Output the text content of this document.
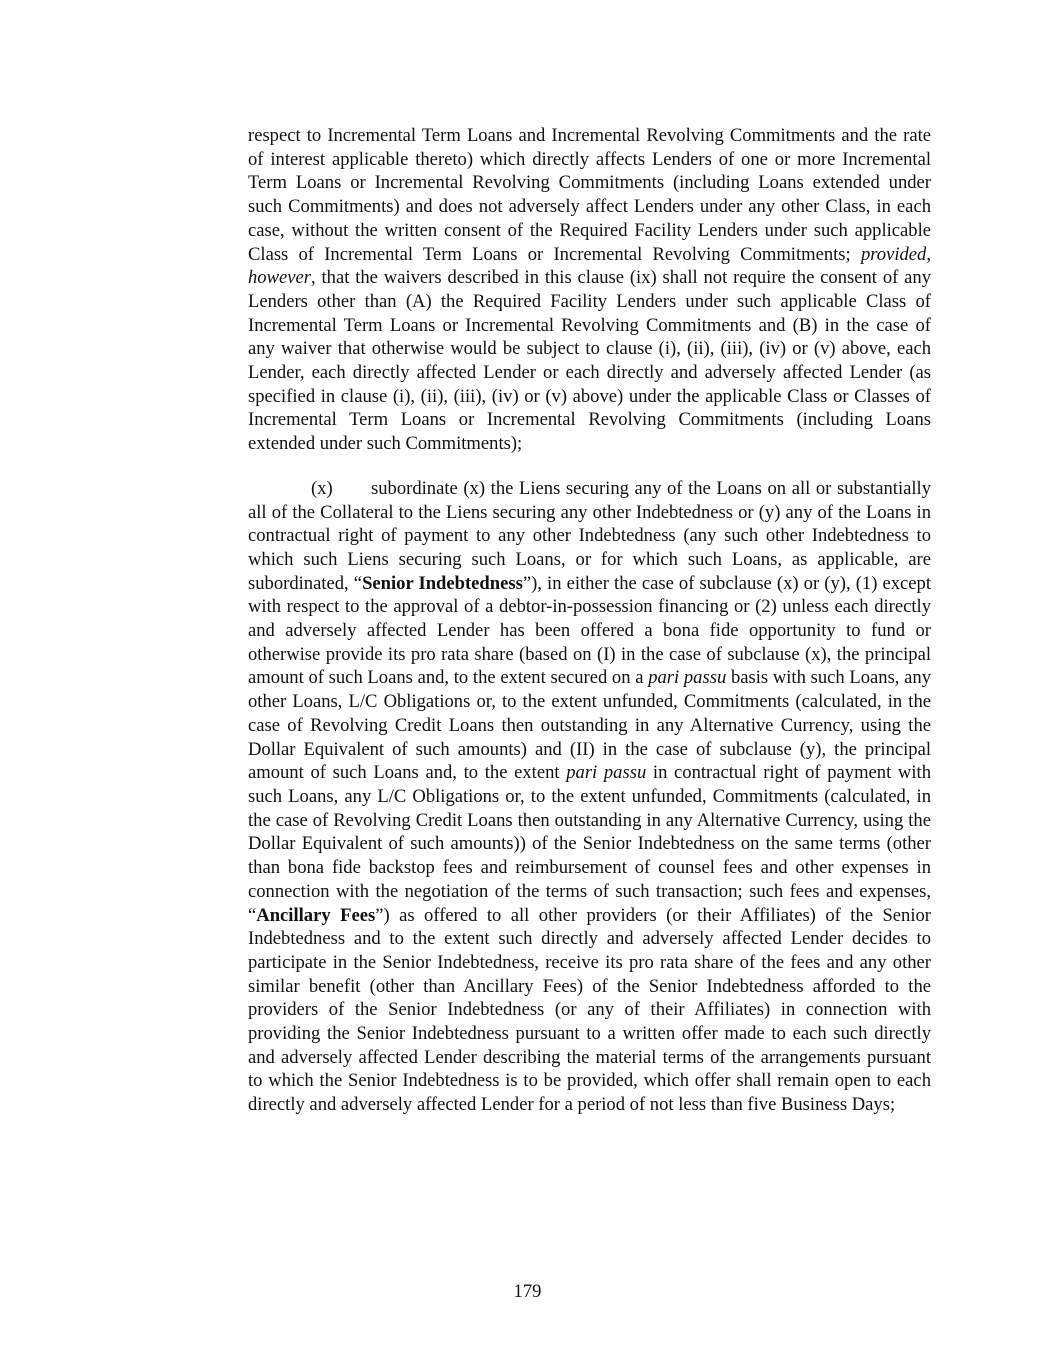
respect to Incremental Term Loans and Incremental Revolving Commitments and the rate of interest applicable thereto) which directly affects Lenders of one or more Incremental Term Loans or Incremental Revolving Commitments (including Loans extended under such Commitments) and does not adversely affect Lenders under any other Class, in each case, without the written consent of the Required Facility Lenders under such applicable Class of Incremental Term Loans or Incremental Revolving Commitments; provided, however, that the waivers described in this clause (ix) shall not require the consent of any Lenders other than (A) the Required Facility Lenders under such applicable Class of Incremental Term Loans or Incremental Revolving Commitments and (B) in the case of any waiver that otherwise would be subject to clause (i), (ii), (iii), (iv) or (v) above, each Lender, each directly affected Lender or each directly and adversely affected Lender (as specified in clause (i), (ii), (iii), (iv) or (v) above) under the applicable Class or Classes of Incremental Term Loans or Incremental Revolving Commitments (including Loans extended under such Commitments);

(x) subordinate (x) the Liens securing any of the Loans on all or substantially all of the Collateral to the Liens securing any other Indebtedness or (y) any of the Loans in contractual right of payment to any other Indebtedness (any such other Indebtedness to which such Liens securing such Loans, or for which such Loans, as applicable, are subordinated, “Senior Indebtedness”), in either the case of subclause (x) or (y), (1) except with respect to the approval of a debtor-in-possession financing or (2) unless each directly and adversely affected Lender has been offered a bona fide opportunity to fund or otherwise provide its pro rata share (based on (I) in the case of subclause (x), the principal amount of such Loans and, to the extent secured on a pari passu basis with such Loans, any other Loans, L/C Obligations or, to the extent unfunded, Commitments (calculated, in the case of Revolving Credit Loans then outstanding in any Alternative Currency, using the Dollar Equivalent of such amounts) and (II) in the case of subclause (y), the principal amount of such Loans and, to the extent pari passu in contractual right of payment with such Loans, any L/C Obligations or, to the extent unfunded, Commitments (calculated, in the case of Revolving Credit Loans then outstanding in any Alternative Currency, using the Dollar Equivalent of such amounts)) of the Senior Indebtedness on the same terms (other than bona fide backstop fees and reimbursement of counsel fees and other expenses in connection with the negotiation of the terms of such transaction; such fees and expenses, “Ancillary Fees”) as offered to all other providers (or their Affiliates) of the Senior Indebtedness and to the extent such directly and adversely affected Lender decides to participate in the Senior Indebtedness, receive its pro rata share of the fees and any other similar benefit (other than Ancillary Fees) of the Senior Indebtedness afforded to the providers of the Senior Indebtedness (or any of their Affiliates) in connection with providing the Senior Indebtedness pursuant to a written offer made to each such directly and adversely affected Lender describing the material terms of the arrangements pursuant to which the Senior Indebtedness is to be provided, which offer shall remain open to each directly and adversely affected Lender for a period of not less than five Business Days;

179
